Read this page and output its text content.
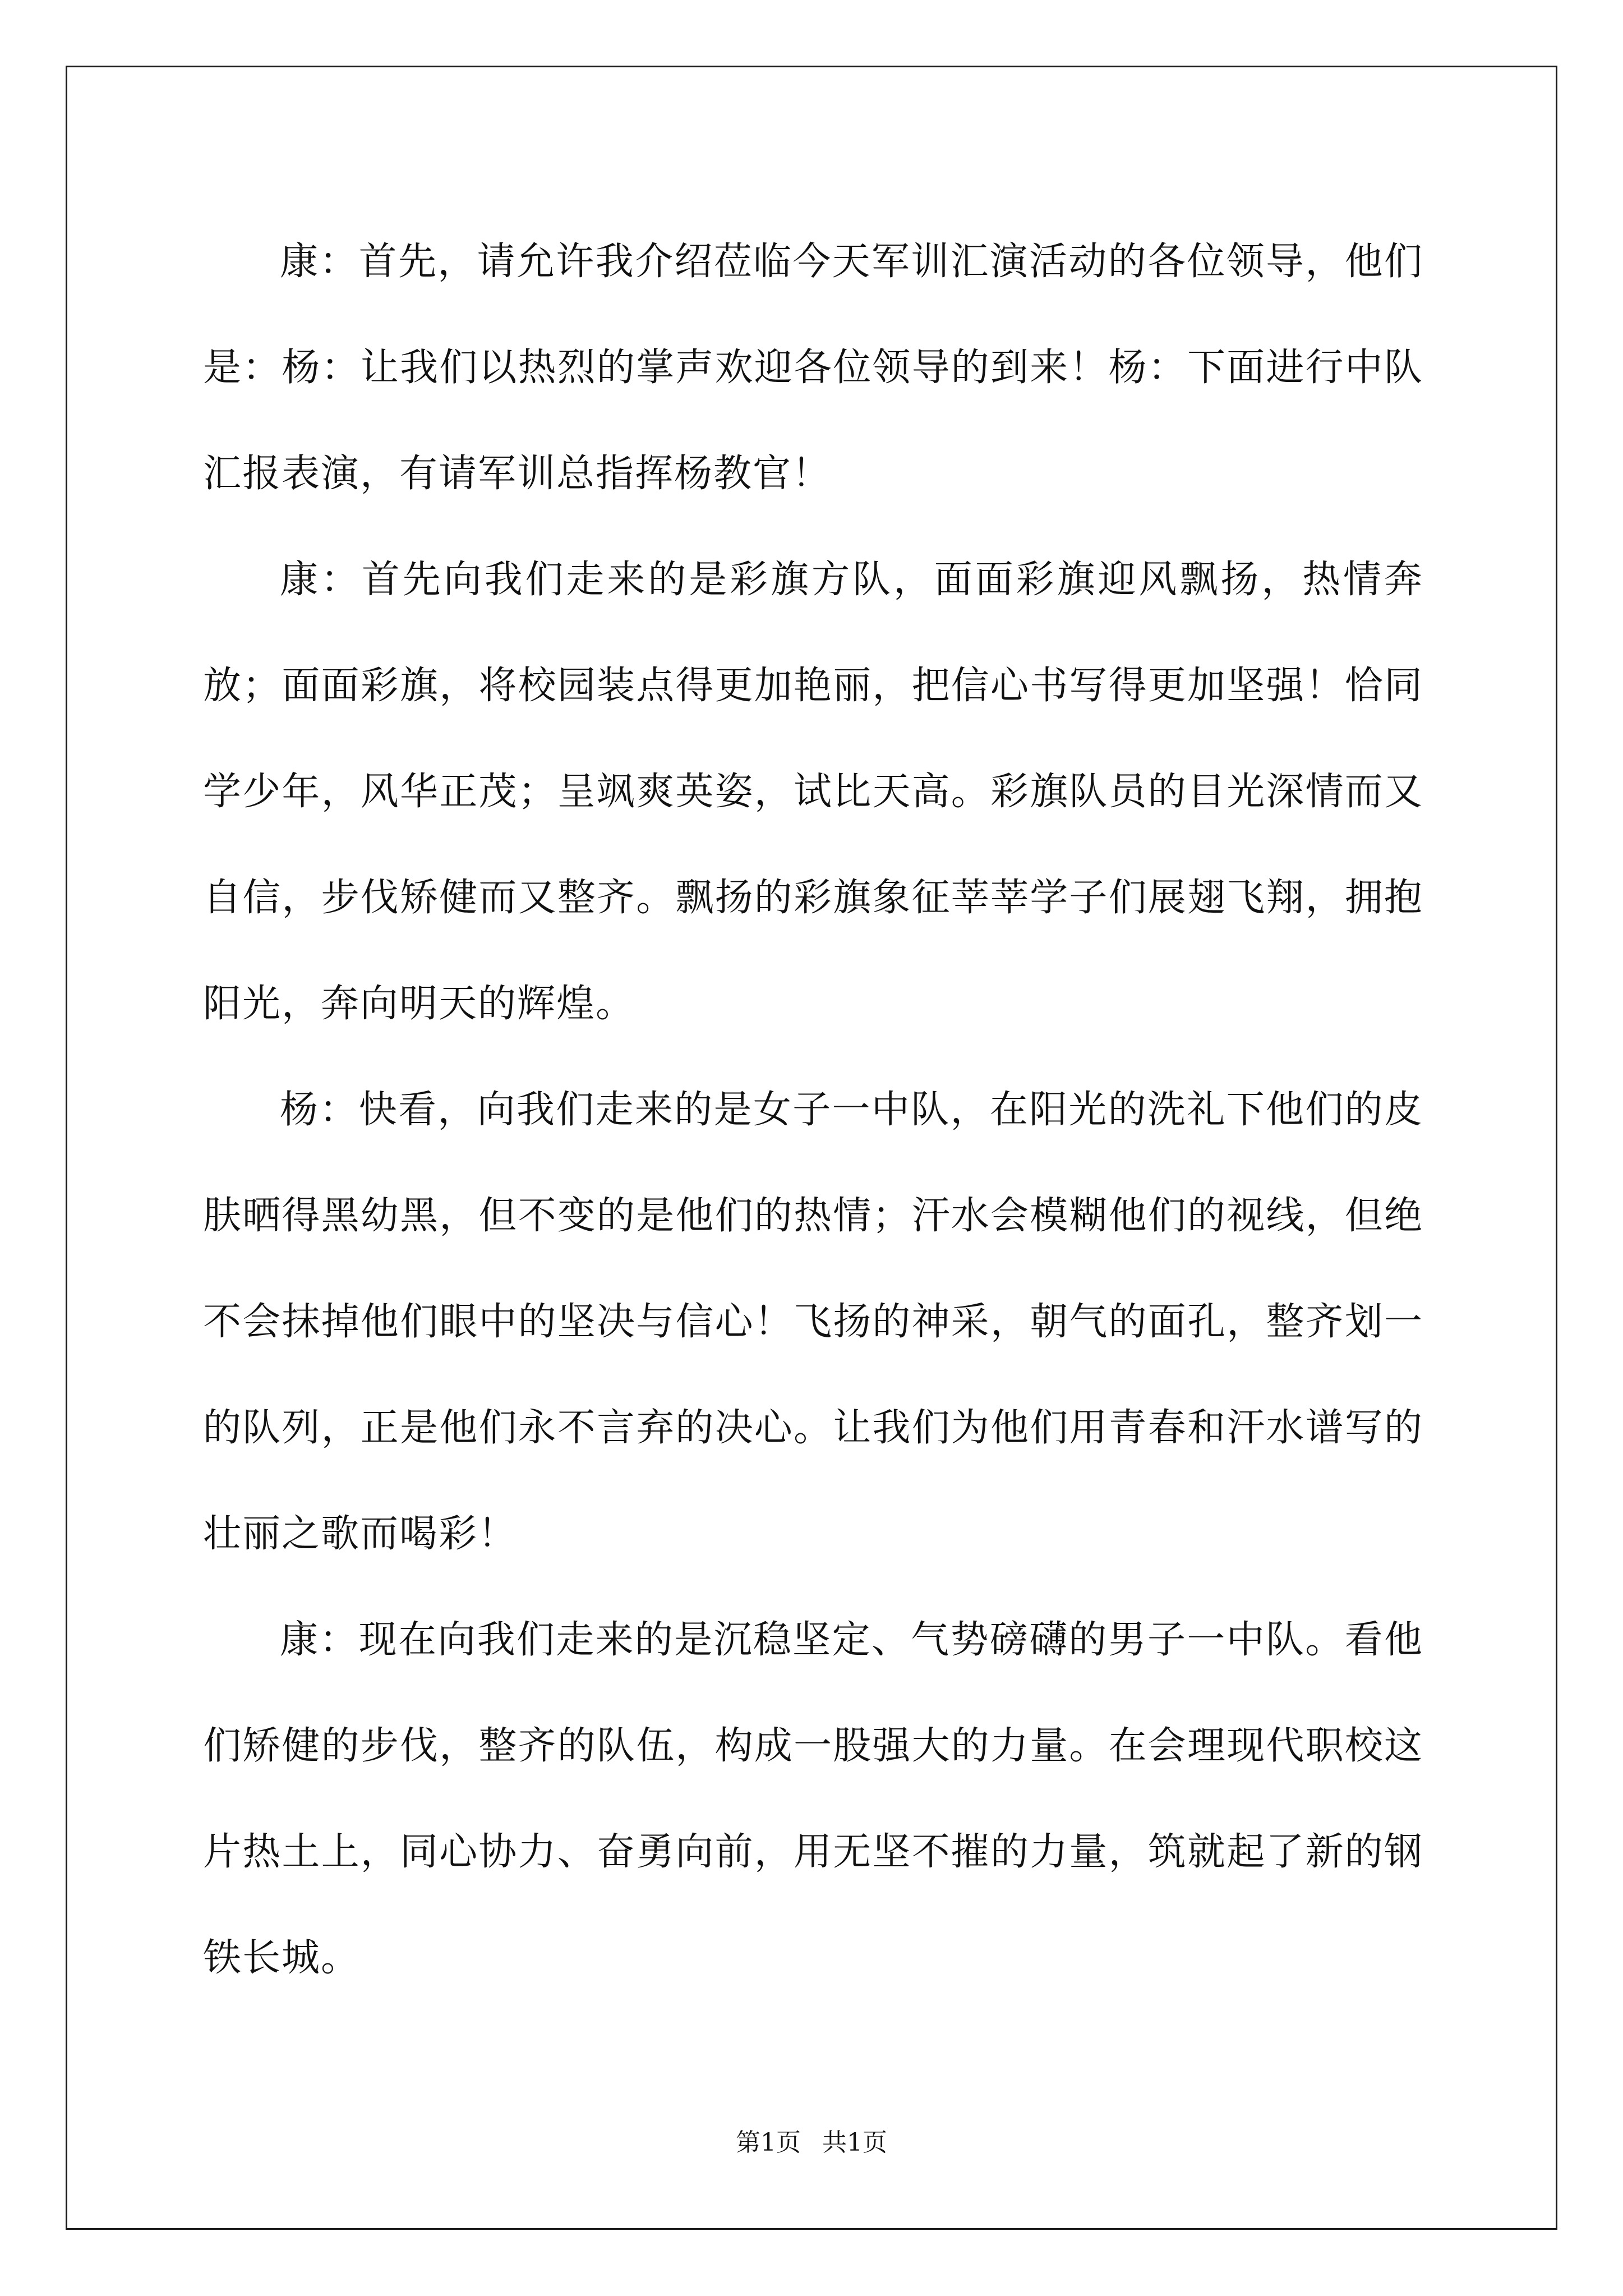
康：首先，请允许我介绍莅临今天军训汇演活动的各位领导，他们是：杨：让我们以热烈的掌声欢迎各位领导的到来！杨：下面进行中队汇报表演，有请军训总指挥杨教官！

康：首先向我们走来的是彩旗方队，面面彩旗迎风飘扬，热情奔放；面面彩旗，将校园装点得更加艳丽，把信心书写得更加坚强！恰同学少年，风华正茂；呈飒爽英姿，试比天高。彩旗队员的目光深情而又自信，步伐矫健而又整齐。飘扬的彩旗象征莘莘学子们展翅飞翔，拥抱阳光，奔向明天的辉煌。

杨：快看，向我们走来的是女子一中队，在阳光的洗礼下他们的皮肤晒得黑幼黑，但不变的是他们的热情；汗水会模糊他们的视线，但绝不会抹掉他们眼中的坚决与信心！飞扬的神采，朝气的面孔，整齐划一的队列，正是他们永不言弃的决心。让我们为他们用青春和汗水谱写的壮丽之歌而喝彩！

康：现在向我们走来的是沉稳坚定、气势磅礴的男子一中队。看他们矫健的步伐，整齐的队伍，构成一股强大的力量。在会理现代职校这片热土上，同心协力、奋勇向前，用无坚不摧的力量，筑就起了新的钢铁长城。

第1页 共1页
